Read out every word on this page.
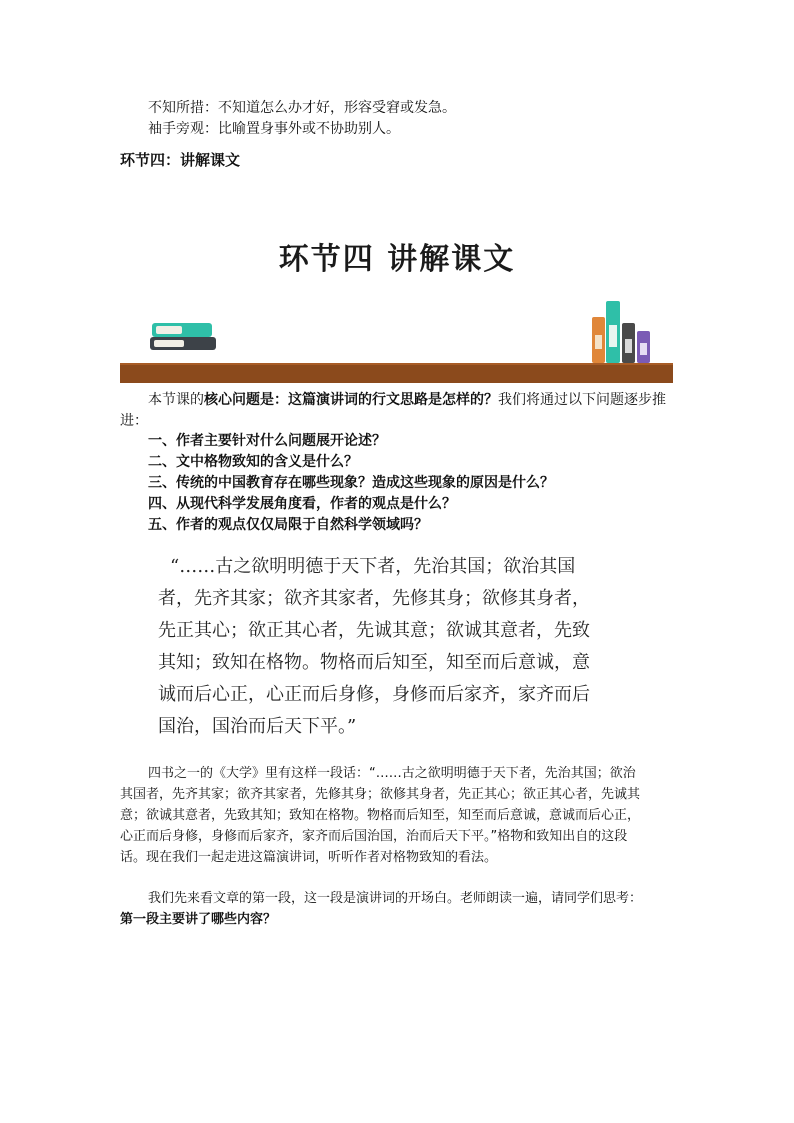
不知所措：不知道怎么办才好，形容受窘或发急。
袖手旁观：比喻置身事外或不协助别人。
环节四：讲解课文
环节四 讲解课文
本节课的核心问题是：这篇演讲词的行文思路是怎样的？我们将通过以下问题逐步推
进：
一、作者主要针对什么问题展开论述？
二、文中格物致知的含义是什么？
三、传统的中国教育存在哪些现象？造成这些现象的原因是什么？
四、从现代科学发展角度看，作者的观点是什么？
五、作者的观点仅仅局限于自然科学领域吗？
“……古之欲明明德于天下者，先治其国；欲治其国
者，先齐其家；欲齐其家者，先修其身；欲修其身者，
先正其心；欲正其心者，先诚其意；欲诚其意者，先致
其知；致知在格物。物格而后知至，知至而后意诚，意
诚而后心正，心正而后身修，身修而后家齐，家齐而后
国治，国治而后天下平。”
四书之一的《大学》里有这样一段话：“……古之欲明明德于天下者，先治其国；欲治
其国者，先齐其家；欲齐其家者，先修其身；欲修其身者，先正其心；欲正其心者，先诚其
意；欲诚其意者，先致其知；致知在格物。物格而后知至，知至而后意诚，意诚而后心正，
心正而后身修，身修而后家齐，家齐而后国治国，治而后天下平。”格物和致知出自的这段
话。现在我们一起走进这篇演讲词，听听作者对格物致知的看法。
我们先来看文章的第一段，这一段是演讲词的开场白。老师朗读一遍，请同学们思考：
第一段主要讲了哪些内容？
